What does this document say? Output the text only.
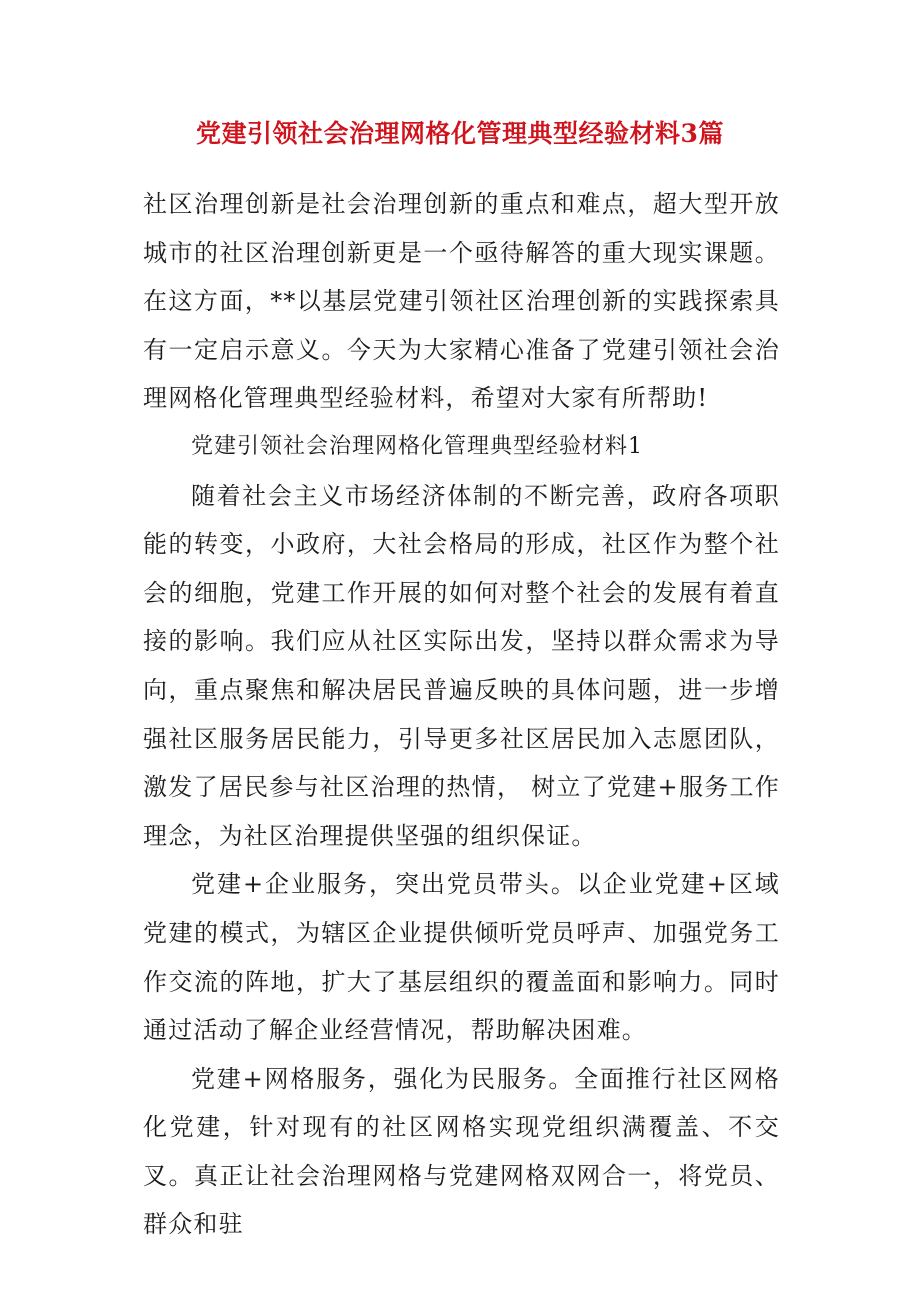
党建引领社会治理网格化管理典型经验材料3篇

社区治理创新是社会治理创新的重点和难点，超大型开放城市的社区治理创新更是一个亟待解答的重大现实课题。在这方面，**以基层党建引领社区治理创新的实践探索具有一定启示意义。今天为大家精心准备了党建引领社会治理网格化管理典型经验材料，希望对大家有所帮助!

党建引领社会治理网格化管理典型经验材料1

随着社会主义市场经济体制的不断完善，政府各项职能的转变，小政府，大社会格局的形成，社区作为整个社会的细胞，党建工作开展的如何对整个社会的发展有着直接的影响。我们应从社区实际出发，坚持以群众需求为导向，重点聚焦和解决居民普遍反映的具体问题，进一步增强社区服务居民能力，引导更多社区居民加入志愿团队，激发了居民参与社区治理的热情， 树立了党建+服务工作理念，为社区治理提供坚强的组织保证。

党建+企业服务，突出党员带头。以企业党建+区域党建的模式，为辖区企业提供倾听党员呼声、加强党务工作交流的阵地，扩大了基层组织的覆盖面和影响力。同时通过活动了解企业经营情况，帮助解决困难。

党建+网格服务，强化为民服务。全面推行社区网格化党建，针对现有的社区网格实现党组织满覆盖、不交叉。真正让社会治理网格与党建网格双网合一，将党员、群众和驻
